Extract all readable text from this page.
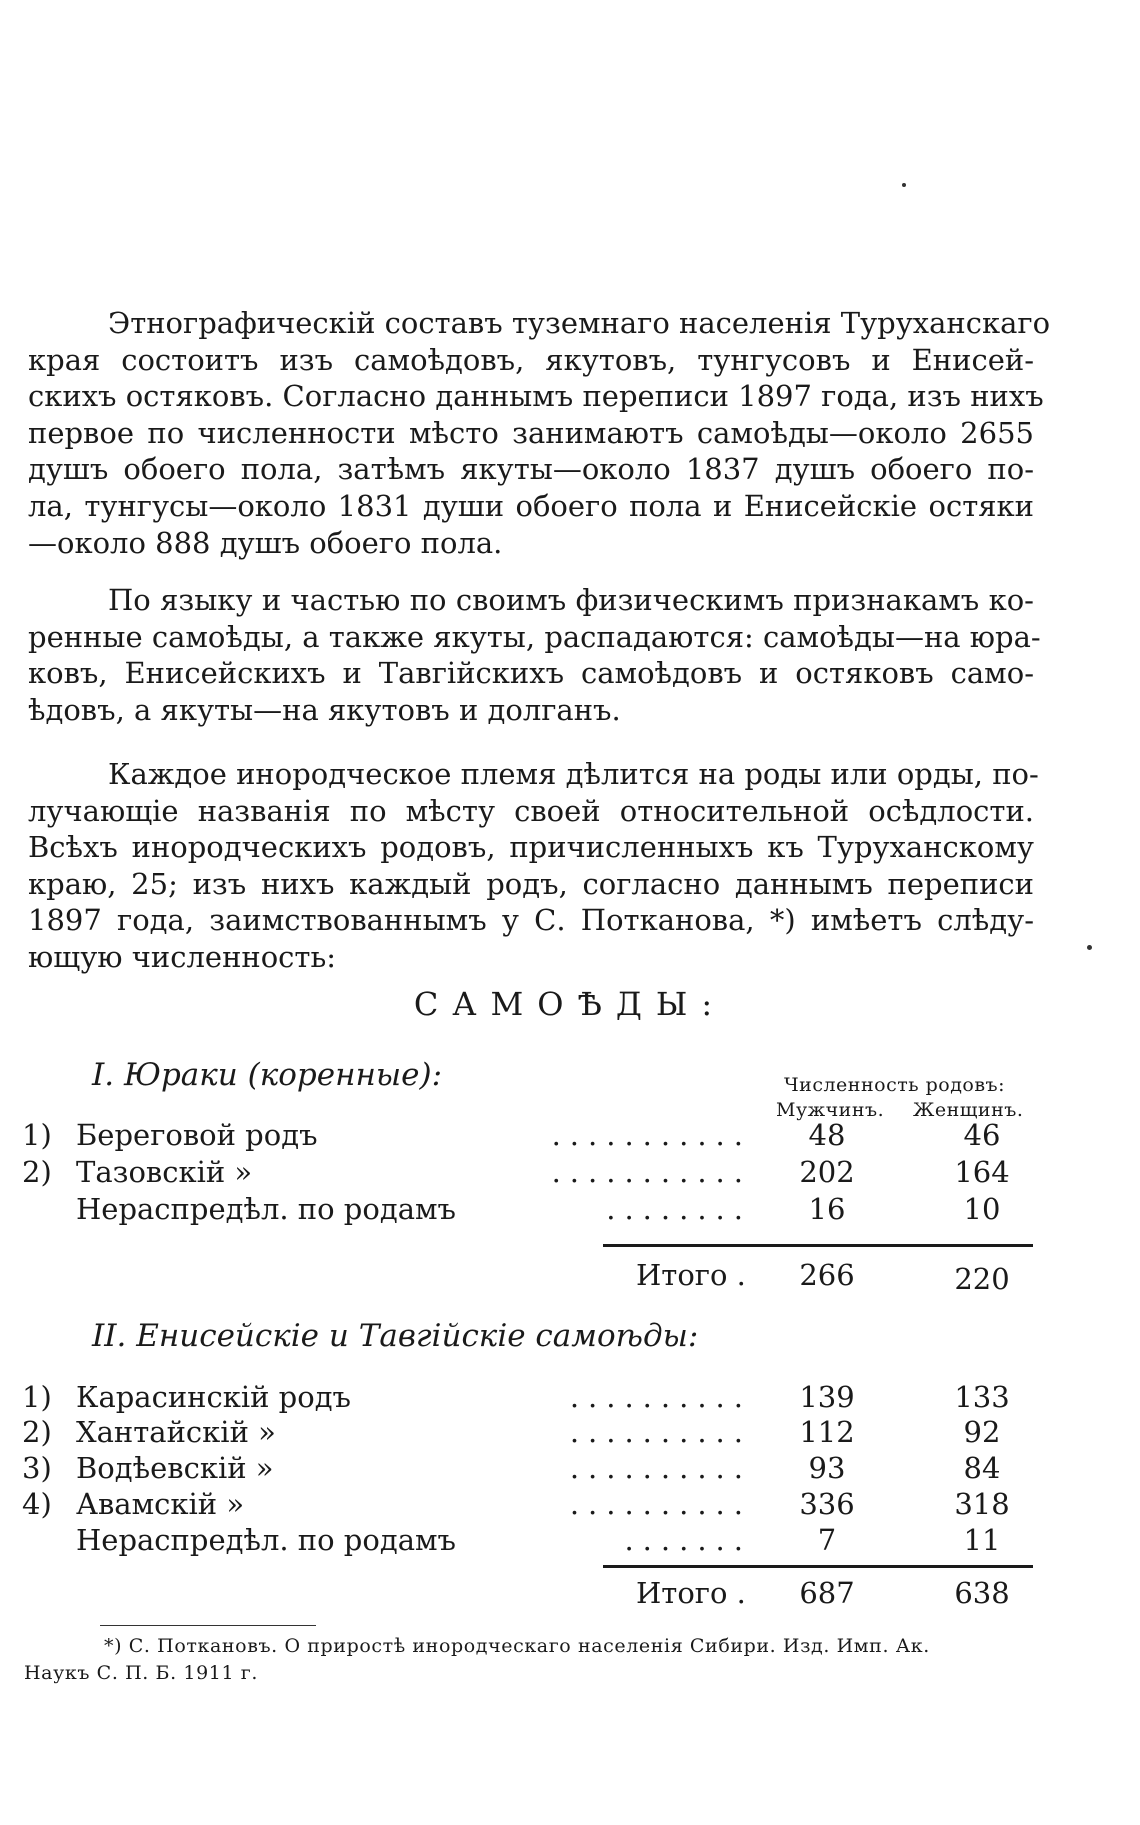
Этнографическій составъ туземнаго населенія Туруханскаго
края состоитъ изъ самоѣдовъ, якутовъ, тунгусовъ и Енисей-
скихъ остяковъ. Согласно даннымъ переписи 1897 года, изъ нихъ
первое по численности мѣсто занимаютъ самоѣды—около 2655
душъ обоего пола, затѣмъ якуты—около 1837 душъ обоего по-
ла, тунгусы—около 1831 души обоего пола и Енисейскіе остяки
—около 888 душъ обоего пола.
По языку и частью по своимъ физическимъ признакамъ ко-
ренные самоѣды, а также якуты, распадаются: самоѣды—на юра-
ковъ, Енисейскихъ и Тавгійскихъ самоѣдовъ и остяковъ само-
ѣдовъ, а якуты—на якутовъ и долганъ.
Каждое инородческое племя дѣлится на роды или орды, по-
лучающіе названія по мѣсту своей относительной осѣдлости.
Всѣхъ инородческихъ родовъ, причисленныхъ къ Туруханскому
краю, 25; изъ нихъ каждый родъ, согласно даннымъ переписи
1897 года, заимствованнымъ у С. Потканова, *) имѣетъ слѣду-
ющую численность:
САМОѢДЫ:
I. Юраки (коренные):	Численность родовъ:
Мужчинъ. Женщинъ.
1) Береговой родъ	...........	48	46
2) Тазовскій »	...........	202	164
Нераспредѣл. по родамъ	........	16	10
Итого .	266	220
II. Енисейскіе и Тавгійскіе самоѣды:
1) Карасинскій родъ	..........	139	133
2) Хантайскій »	..........	112	92
3) Водѣевскій »	..........	93	84
4) Авамскій »	..........	336	318
Нераспредѣл. по родамъ	.......	7	11
Итого .	687	638
*) С. Поткановъ. О приростѣ инородческаго населенія Сибири. Изд. Имп. Ак.
Наукъ С. П. Б. 1911 г.
